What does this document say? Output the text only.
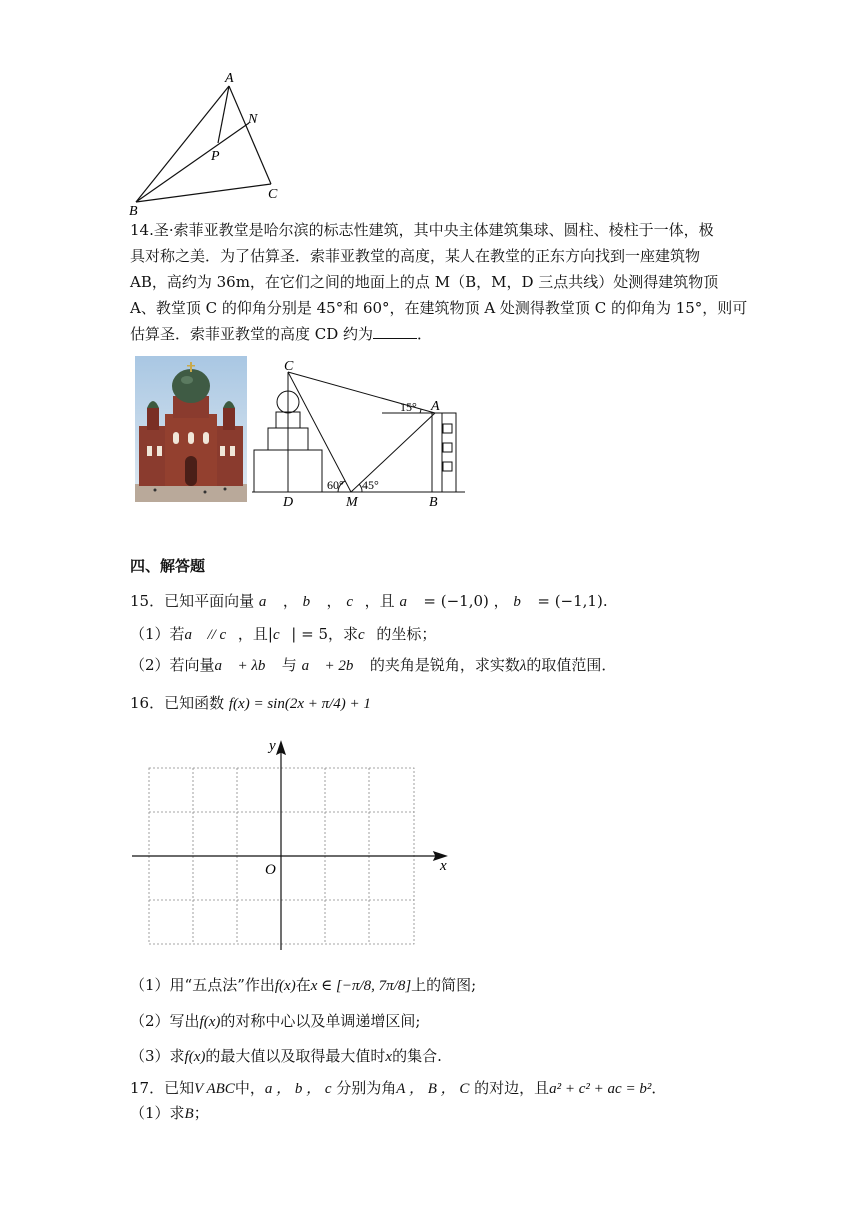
A
N
P
C
B
14.圣·索菲亚教堂是哈尔滨的标志性建筑，其中央主体建筑集球、圆柱、棱柱于一体，极
具对称之美．为了估算圣．索菲亚教堂的高度，某人在教堂的正东方向找到一座建筑物
AB，高约为 36m，在它们之间的地面上的点 M（B，M，D 三点共线）处测得建筑物顶
A、教堂顶 C 的仰角分别是 45°和 60°，在建筑物顶 A 处测得教堂顶 C 的仰角为 15°，则可
估算圣．索菲亚教堂的高度 CD 约为	．
C
A
15°
60° 45°
D	M	B
四、解答题
15．已知平面向量 a⃗ ， b⃗ ， c⃗，且 a⃗ = (−1,0) ， b⃗ = (−1,1).
（1）若a⃗ // c⃗，且|c⃗| = 5，求c⃗的坐标；
（2）若向量a⃗ + λb⃗ 与 a⃗ + 2b⃗ 的夹角是锐角，求实数λ的取值范围．
16．已知函数 f(x) = sin(2x + π/4) + 1
x
y
O
（1）用“五点法”作出f(x)在x ∈ [−π/8, 7π/8]上的简图;
（2）写出f(x)的对称中心以及单调递增区间;
（3）求f(x)的最大值以及取得最大值时x的集合.
17．已知V ABC中，a ， b ， c 分别为角A ， B ， C 的对边，且a² + c² + ac = b²．
（1）求B；
